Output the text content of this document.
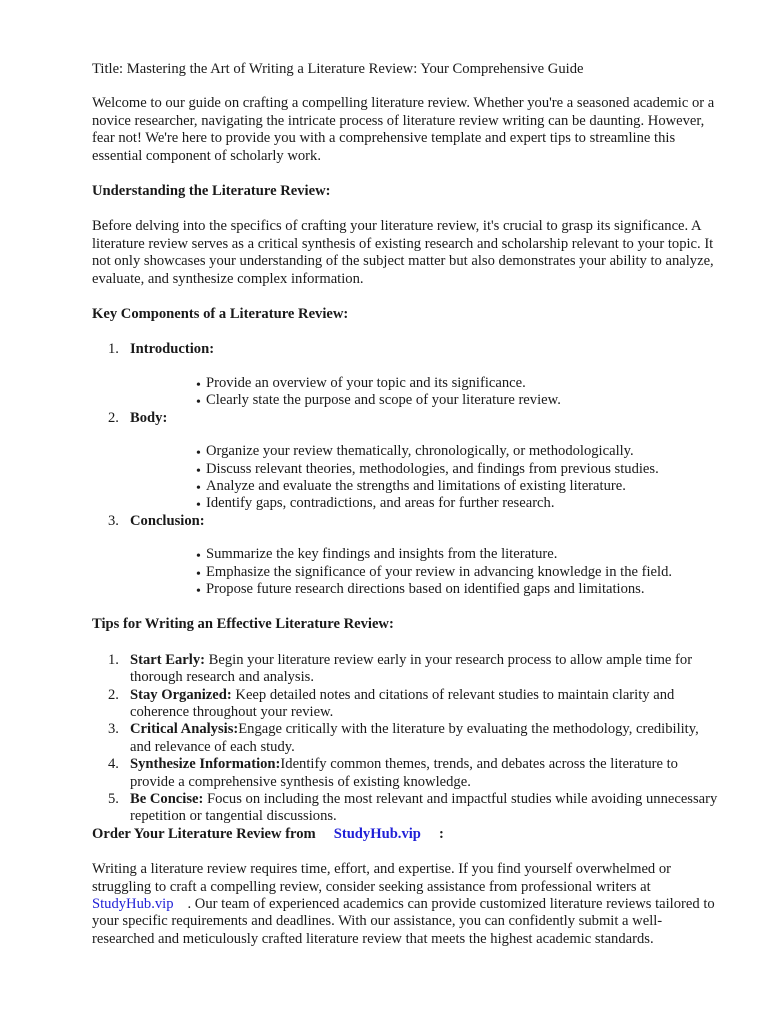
Title: Mastering the Art of Writing a Literature Review: Your Comprehensive Guide

Welcome to our guide on crafting a compelling literature review. Whether you're a seasoned academic or a novice researcher, navigating the intricate process of literature review writing can be daunting. However, fear not! We're here to provide you with a comprehensive template and expert tips to streamline this essential component of scholarly work.

Understanding the Literature Review:

Before delving into the specifics of crafting your literature review, it's crucial to grasp its significance. A literature review serves as a critical synthesis of existing research and scholarship relevant to your topic. It not only showcases your understanding of the subject matter but also demonstrates your ability to analyze, evaluate, and synthesize complex information.

Key Components of a Literature Review:
1. Introduction:
• Provide an overview of your topic and its significance.
• Clearly state the purpose and scope of your literature review.
2. Body:
• Organize your review thematically, chronologically, or methodologically.
• Discuss relevant theories, methodologies, and findings from previous studies.
• Analyze and evaluate the strengths and limitations of existing literature.
• Identify gaps, contradictions, and areas for further research.
3. Conclusion:
• Summarize the key findings and insights from the literature.
• Emphasize the significance of your review in advancing knowledge in the field.
• Propose future research directions based on identified gaps and limitations.
Tips for Writing an Effective Literature Review:
1. Start Early: Begin your literature review early in your research process to allow ample time for thorough research and analysis.
2. Stay Organized: Keep detailed notes and citations of relevant studies to maintain clarity and coherence throughout your review.
3. Critical Analysis:Engage critically with the literature by evaluating the methodology, credibility, and relevance of each study.
4. Synthesize Information:Identify common themes, trends, and debates across the literature to provide a comprehensive synthesis of existing knowledge.
5. Be Concise: Focus on including the most relevant and impactful studies while avoiding unnecessary repetition or tangential discussions.

Order Your Literature Review from StudyHub.vip :

Writing a literature review requires time, effort, and expertise. If you find yourself overwhelmed or struggling to craft a compelling review, consider seeking assistance from professional writers at StudyHub.vip . Our team of experienced academics can provide customized literature reviews tailored to your specific requirements and deadlines. With our assistance, you can confidently submit a well-researched and meticulously crafted literature review that meets the highest academic standards.
